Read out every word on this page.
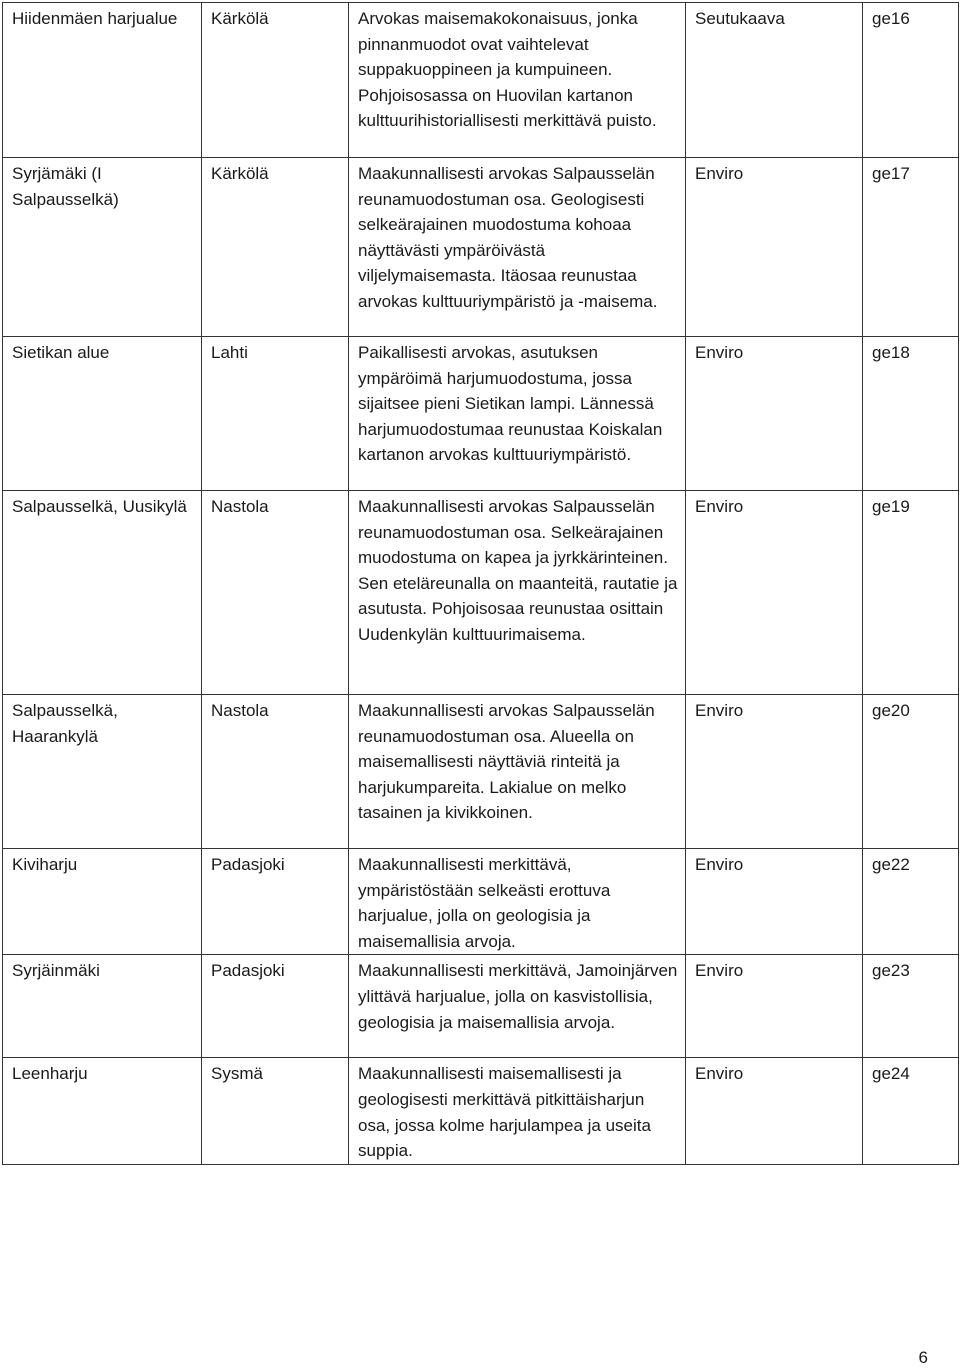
Hiidenmäen harjualue	Kärkölä	Arvokas maisemakokonaisuus, jonka pinnanmuodot ovat vaihtelevat suppakuoppineen ja kumpuineen. Pohjoisosassa on Huovilan kartanon kulttuurihistoriallisesti merkittävä puisto.	Seutukaava	ge16
Syrjämäki (I Salpausselkä)	Kärkölä	Maakunnallisesti arvokas Salpausselän reunamuodostuman osa. Geologisesti selkeärajainen muodostuma kohoaa näyttävästi ympäröivästä viljelymaisemasta. Itäosaa reunustaa arvokas kulttuuriympäristö ja -maisema.	Enviro	ge17
Sietikan alue	Lahti	Paikallisesti arvokas, asutuksen ympäröimä harjumuodostuma, jossa sijaitsee pieni Sietikan lampi. Lännessä harjumuodostumaa reunustaa Koiskalan kartanon arvokas kulttuuriympäristö.	Enviro	ge18
Salpausselkä, Uusikylä	Nastola	Maakunnallisesti arvokas Salpausselän reunamuodostuman osa. Selkeärajainen muodostuma on kapea ja jyrkkärinteinen. Sen eteläreunalla on maanteitä, rautatie ja asutusta. Pohjoisosaa reunustaa osittain Uudenkylän kulttuurimaisema.	Enviro	ge19
Salpausselkä, Haarankylä	Nastola	Maakunnallisesti arvokas Salpausselän reunamuodostuman osa. Alueella on maisemallisesti näyttäviä rinteitä ja harjukumpareita. Lakialue on melko tasainen ja kivikkoinen.	Enviro	ge20
Kiviharju	Padasjoki	Maakunnallisesti merkittävä, ympäristöstään selkeästi erottuva harjualue, jolla on geologisia ja maisemallisia arvoja.	Enviro	ge22
Syrjäinmäki	Padasjoki	Maakunnallisesti merkittävä, Jamoinjärven ylittävä harjualue, jolla on kasvistollisia, geologisia ja maisemallisia arvoja.	Enviro	ge23
Leenharju	Sysmä	Maakunnallisesti maisemallisesti ja geologisesti merkittävä pitkittäisharjun osa, jossa kolme harjulampea ja useita suppia.	Enviro	ge24
6
